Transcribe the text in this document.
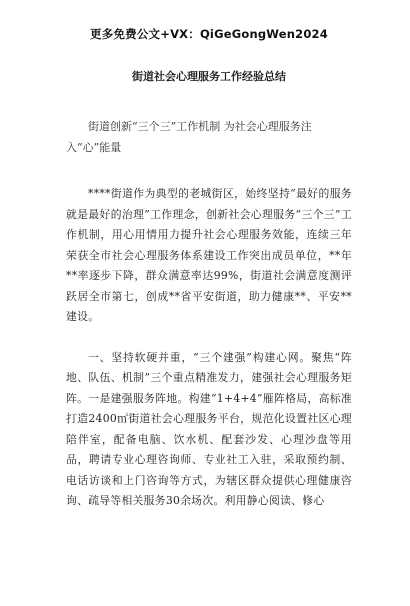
更多免费公文+VX：QiGeGongWen2024
街道社会心理服务工作经验总结
街道创新“三个三”工作机制 为社会心理服务注入“心”能量

****街道作为典型的老城街区，始终坚持“最好的服务就是最好的治理”工作理念，创新社会心理服务“三个三”工作机制，用心用情用力提升社会心理服务效能，连续三年荣获全市社会心理服务体系建设工作突出成员单位，**年**率逐步下降，群众满意率达99%，街道社会满意度测评跃居全市第七，创成**省平安街道，助力健康**、平安**建设。

一、坚持软硬并重，“三个建强”构建心网。聚焦“阵地、队伍、机制”三个重点精准发力，建强社会心理服务矩阵。一是建强服务阵地。构建“1+4+4”雁阵格局，高标准打造2400㎡街道社会心理服务平台，规范化设置社区心理陪伴室，配备电脑、饮水机、配套沙发、心理沙盘等用品，聘请专业心理咨询师、专业社工入驻，采取预约制、电话访谈和上门咨询等方式，为辖区群众提供心理健康咨询、疏导等相关服务30余场次。利用静心阅读、修心
